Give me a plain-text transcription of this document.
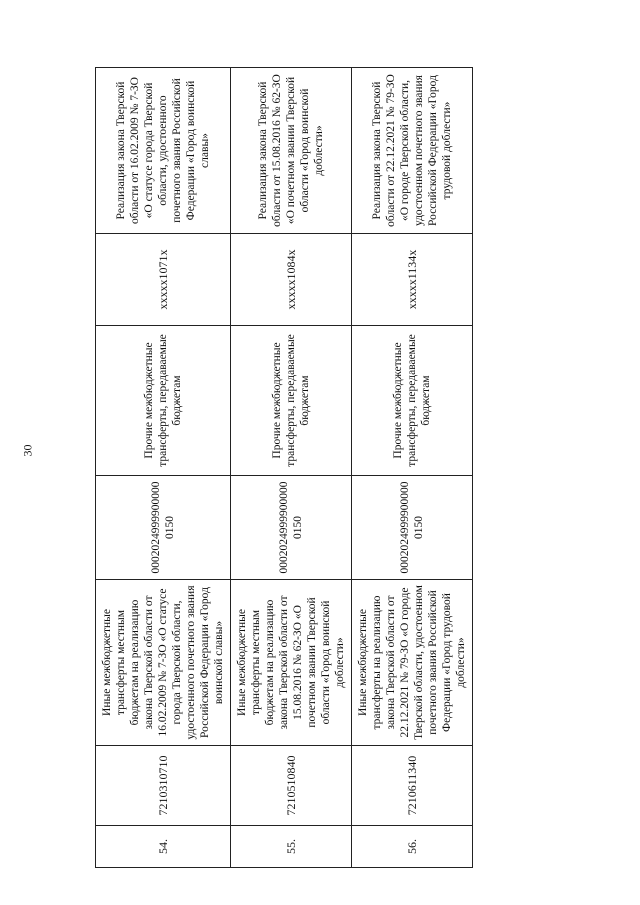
30
54.	7210310710	Иные межбюджетные трансферты местным бюджетам на реализацию закона Тверской области от 16.02.2009 № 7-ЗО «О статусе города Тверской области, удостоенного почетного звания Российской Федерации «Город воинской славы»	00020249999000000150	Прочие межбюджетные трансферты, передаваемые бюджетам	xxxxx1071x	Реализация закона Тверской области от 16.02.2009 № 7-ЗО «О статусе города Тверской области, удостоенного почетного звания Российской Федерации «Город воинской славы»
55.	7210510840	Иные межбюджетные трансферты местным бюджетам на реализацию закона Тверской области от 15.08.2016 № 62-ЗО «О почетном звании Тверской области «Город воинской доблести»	00020249999000000150	Прочие межбюджетные трансферты, передаваемые бюджетам	xxxxx1084x	Реализация закона Тверской области от 15.08.2016 № 62-ЗО «О почетном звании Тверской области «Город воинской доблести»
56.	7210611340	Иные межбюджетные трансферты на реализацию закона Тверской области от 22.12.2021 № 79-ЗО «О городе Тверской области, удостоенном почетного звания Российской Федерации «Город трудовой доблести»	00020249999000000150	Прочие межбюджетные трансферты, передаваемые бюджетам	xxxxx1134x	Реализация закона Тверской области от 22.12.2021 № 79-ЗО «О городе Тверской области, удостоенном почетного звания Российской Федерации «Город трудовой доблести»
